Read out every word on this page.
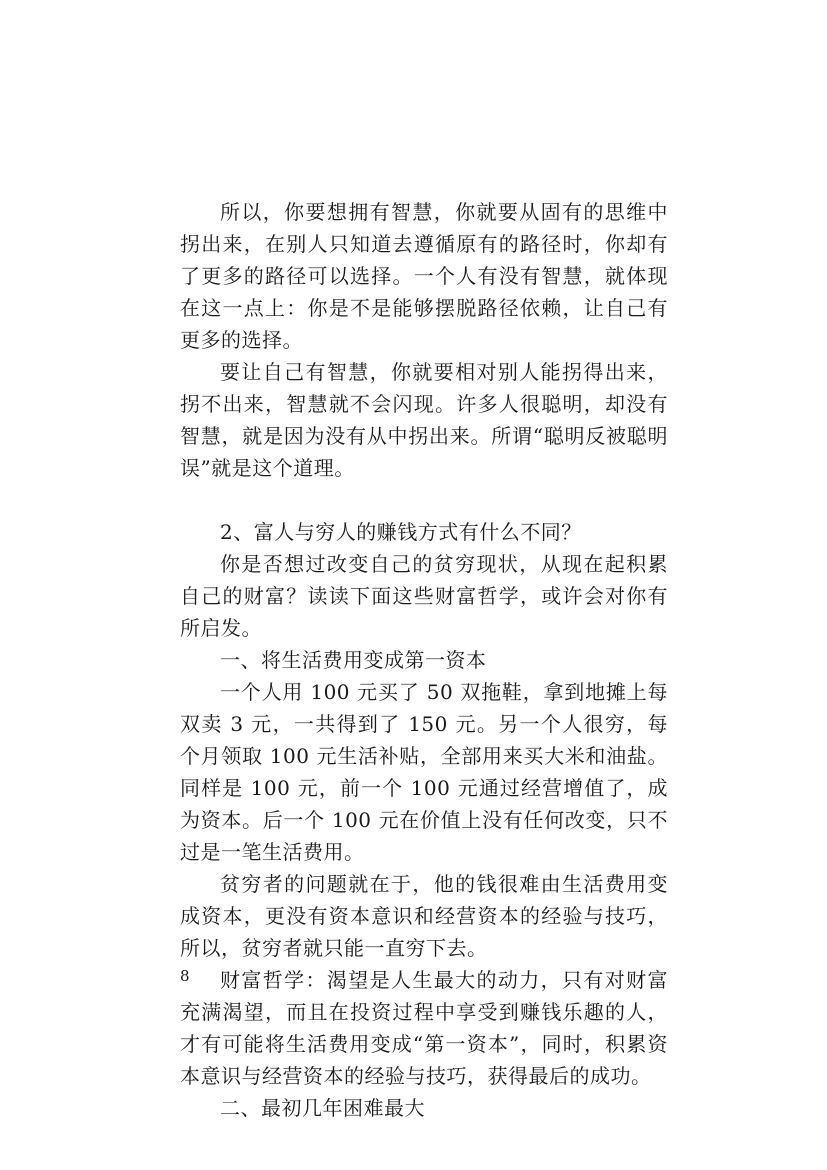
所以，你要想拥有智慧，你就要从固有的思维中拐出来，在别人只知道去遵循原有的路径时，你却有了更多的路径可以选择。一个人有没有智慧，就体现在这一点上：你是不是能够摆脱路径依赖，让自己有更多的选择。

要让自己有智慧，你就要相对别人能拐得出来，拐不出来，智慧就不会闪现。许多人很聪明，却没有智慧，就是因为没有从中拐出来。所谓“聪明反被聪明误”就是这个道理。

2、富人与穷人的赚钱方式有什么不同？

你是否想过改变自己的贫穷现状，从现在起积累自己的财富？读读下面这些财富哲学，或许会对你有所启发。

一、将生活费用变成第一资本

一个人用 100 元买了 50 双拖鞋，拿到地摊上每双卖 3 元，一共得到了 150 元。另一个人很穷，每个月领取 100 元生活补贴，全部用来买大米和油盐。同样是 100 元，前一个 100 元通过经营增值了，成为资本。后一个 100 元在价值上没有任何改变，只不过是一笔生活费用。

贫穷者的问题就在于，他的钱很难由生活费用变成资本，更没有资本意识和经营资本的经验与技巧，所以，贫穷者就只能一直穷下去。

财富哲学：渴望是人生最大的动力，只有对财富充满渴望，而且在投资过程中享受到赚钱乐趣的人，才有可能将生活费用变成“第一资本”，同时，积累资本意识与经营资本的经验与技巧，获得最后的成功。

二、最初几年困难最大

8
